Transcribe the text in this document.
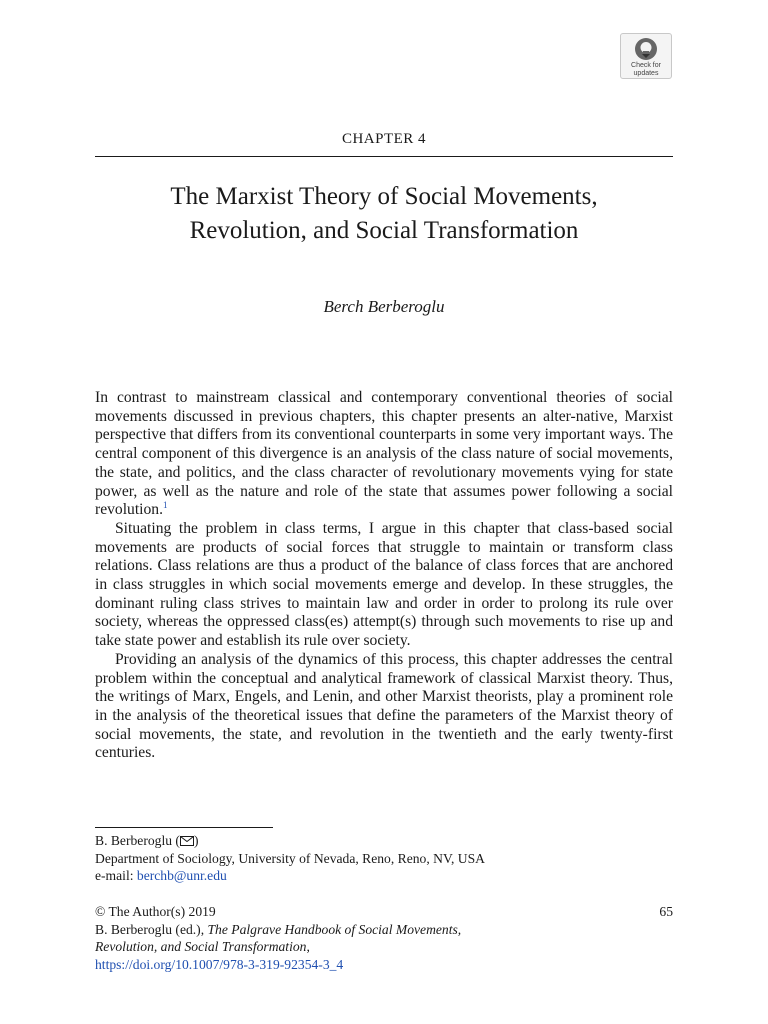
Check for
updates
CHAPTER 4
The Marxist Theory of Social Movements,
Revolution, and Social Transformation
Berch Berberoglu

In contrast to mainstream classical and contemporary conventional theories of social movements discussed in previous chapters, this chapter presents an alter-native, Marxist perspective that differs from its conventional counterparts in some very important ways. The central component of this divergence is an analysis of the class nature of social movements, the state, and politics, and the class character of revolutionary movements vying for state power, as well as the nature and role of the state that assumes power following a social revolution.$^1$

Situating the problem in class terms, I argue in this chapter that class-based social movements are products of social forces that struggle to maintain or transform class relations. Class relations are thus a product of the balance of class forces that are anchored in class struggles in which social movements emerge and develop. In these struggles, the dominant ruling class strives to maintain law and order in order to prolong its rule over society, whereas the oppressed class(es) attempt(s) through such movements to rise up and take state power and establish its rule over society.

Providing an analysis of the dynamics of this process, this chapter addresses the central problem within the conceptual and analytical framework of classical Marxist theory. Thus, the writings of Marx, Engels, and Lenin, and other Marxist theorists, play a prominent role in the analysis of the theoretical issues that define the parameters of the Marxist theory of social movements, the state, and revolution in the twentieth and the early twenty-first centuries.

B. Berberoglu ( )
Department of Sociology, University of Nevada, Reno, Reno, NV, USA
e-mail: berchb@unr.edu
© The Author(s) 2019
B. Berberoglu (ed.), The Palgrave Handbook of Social Movements,
Revolution, and Social Transformation,
https://doi.org/10.1007/978-3-319-92354-3_4
65
